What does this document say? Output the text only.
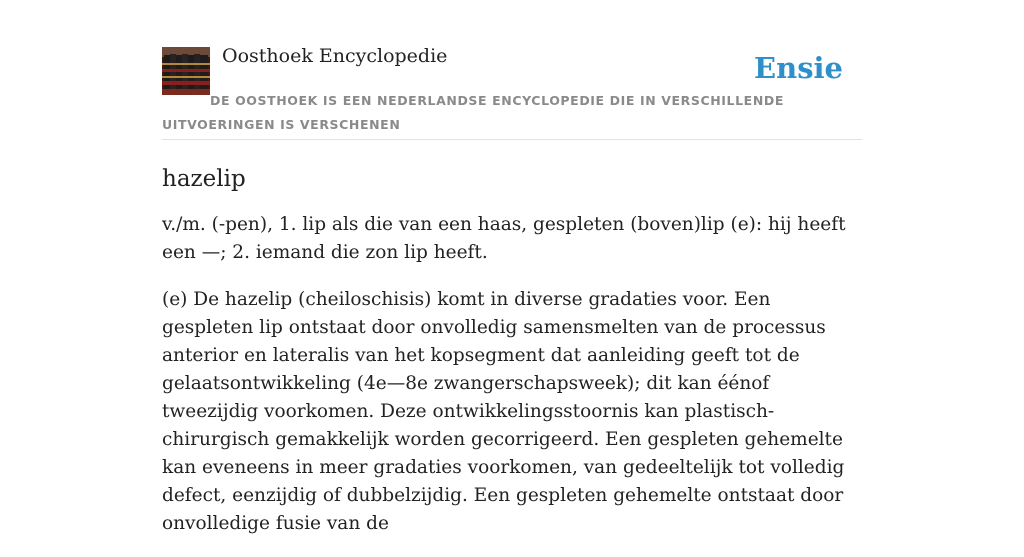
Oosthoek Encyclopedie	Ensie
DE OOSTHOEK IS EEN NEDERLANDSE ENCYCLOPEDIE DIE IN VERSCHILLENDE UITVOERINGEN IS VERSCHENEN
hazelip

v./m. (-pen), 1. lip als die van een haas, gespleten (boven)lip (e): hij heeft een —; 2. iemand die zon lip heeft.

(e) De hazelip (cheiloschisis) komt in diverse gradaties voor. Een gespleten lip ontstaat door onvolledig samensmelten van de processus anterior en lateralis van het kopsegment dat aanleiding geeft tot de gelaatsontwikkeling (4e—8e zwangerschapsweek); dit kan éénof tweezijdig voorkomen. Deze ontwikkelingsstoornis kan plastisch-chirurgisch gemakkelijk worden gecorrigeerd. Een gespleten gehemelte kan eveneens in meer gradaties voorkomen, van gedeeltelijk tot volledig defect, eenzijdig of dubbelzijdig. Een gespleten gehemelte ontstaat door onvolledige fusie van de
